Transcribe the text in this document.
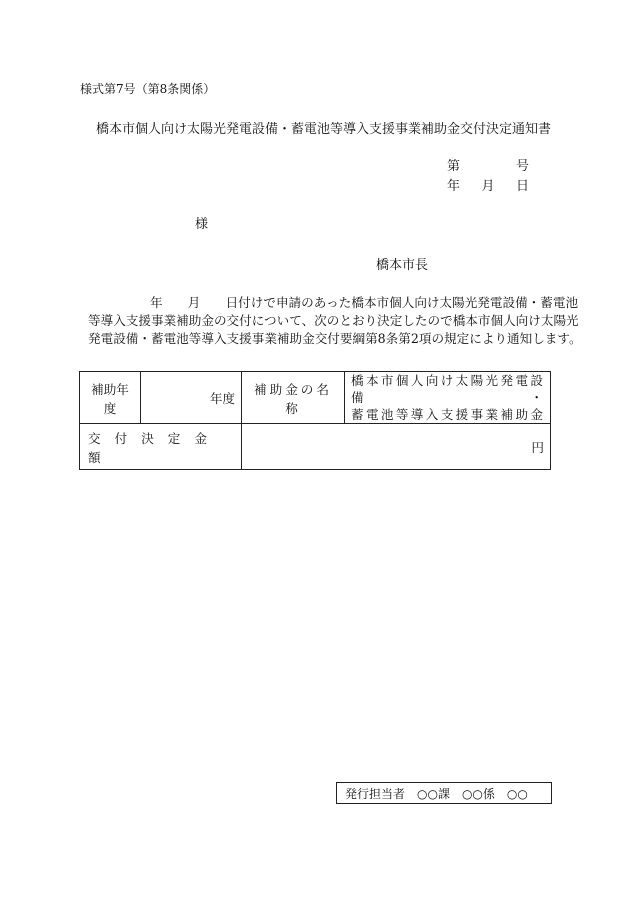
様式第7号（第8条関係）
橋本市個人向け太陽光発電設備・蓄電池等導入支援事業補助金交付決定通知書
第	号
年 月 日
様
橋本市長

年　　月　　日付けで申請のあった橋本市個人向け太陽光発電設備・蓄電池

等導入支援事業補助金の交付について、次のとおり決定したので橋本市個人向け太陽光

発電設備・蓄電池等導入支援事業補助金交付要綱第8条第2項の規定により通知します。

補助年度	年度	補助金の名称	橋本市個人向け太陽光発電設備・
蓄電池等導入支援事業補助金

交付決定金額		円	
発行担当者　○○課　○○係　○○
